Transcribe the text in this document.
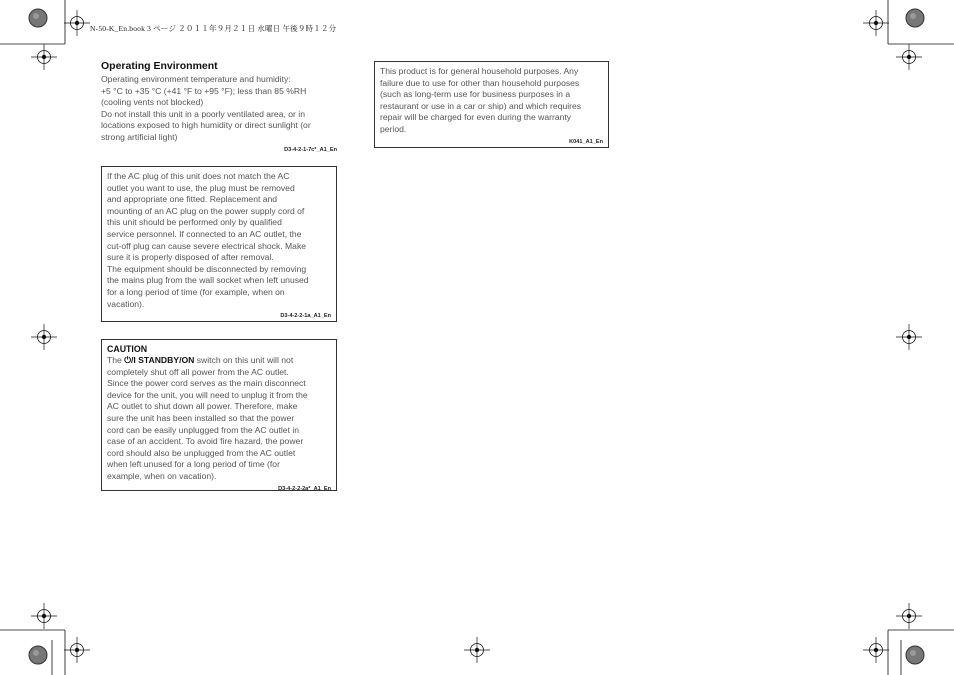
N-50-K_En.book 3 ページ ２０１１年９月２１日 水曜日 午後９時１２分
Operating Environment

Operating environment temperature and humidity:

+5 °C to +35 °C (+41 °F to +95 °F); less than 85 %RH

(cooling vents not blocked)

Do not install this unit in a poorly ventilated area, or in

locations exposed to high humidity or direct sunlight (or

strong artificial light)

D3-4-2-1-7c*_A1_En

If the AC plug of this unit does not match the AC

outlet you want to use, the plug must be removed

and appropriate one fitted. Replacement and

mounting of an AC plug on the power supply cord of

this unit should be performed only by qualified

service personnel. If connected to an AC outlet, the

cut-off plug can cause severe electrical shock. Make

sure it is properly disposed of after removal.

The equipment should be disconnected by removing

the mains plug from the wall socket when left unused

for a long period of time (for example, when on

vacation).

D3-4-2-2-1a_A1_En
CAUTION

The ⏻/I STANDBY/ON switch on this unit will not

completely shut off all power from the AC outlet.

Since the power cord serves as the main disconnect

device for the unit, you will need to unplug it from the

AC outlet to shut down all power. Therefore, make

sure the unit has been installed so that the power

cord can be easily unplugged from the AC outlet in

case of an accident. To avoid fire hazard, the power

cord should also be unplugged from the AC outlet

when left unused for a long period of time (for

example, when on vacation).

D3-4-2-2-2a*_A1_En

This product is for general household purposes. Any

failure due to use for other than household purposes

(such as long-term use for business purposes in a

restaurant or use in a car or ship) and which requires

repair will be charged for even during the warranty

period.

K041_A1_En
